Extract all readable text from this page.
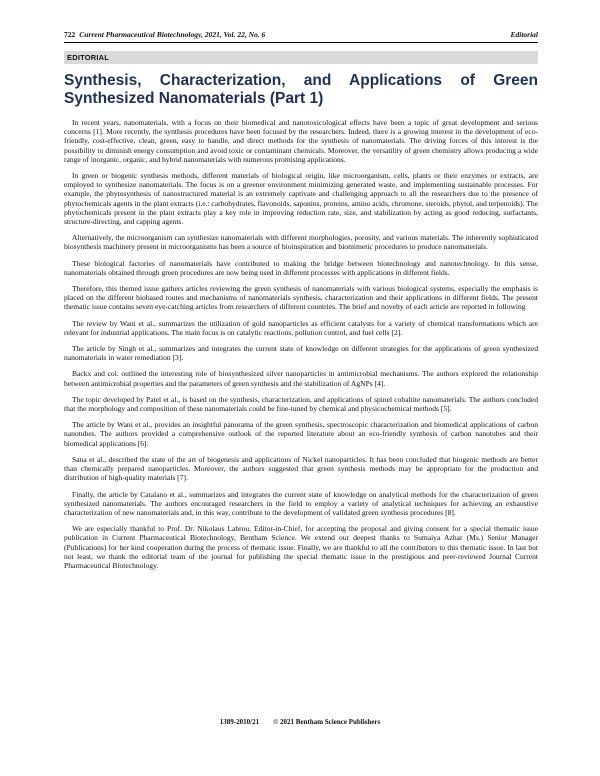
722 Current Pharmaceutical Biotechnology, 2021, Vol. 22, No. 6	Editorial
EDITORIAL
Synthesis, Characterization, and Applications of Green Synthesized Nanomaterials (Part 1)

In recent years, nanomaterials, with a focus on their biomedical and nanotoxicological effects have been a topic of great development and serious concerns [1]. More recently, the synthesis procedures have been focused by the researchers. Indeed, there is a growing interest in the development of eco-friendly, cost-effective, clean, green, easy to handle, and direct methods for the synthesis of nanomaterials. The driving forces of this interest is the possibility to diminish energy consumption and avoid toxic or contaminant chemicals. Moreover, the versatility of green chemistry allows producing a wide range of inorganic, organic, and hybrid nanomaterials with numerous promising applications.

In green or biogenic synthesis methods, different materials of biological origin, like microorganism, cells, plants or their enzymes or extracts, are employed to synthesize nanomaterials. The focus is on a greener environment minimizing generated waste, and implementing sustainable processes. For example, the phytosynthesis of nanostructured material is an extremely captivate and challenging approach to all the researchers due to the presence of phytochemicals agents in the plant extracts (i.e.: carbohydrates, flavonoids, saponins, proteins, amino acids, chromone, steroids, phytol, and terpenoids). The phytochemicals present in the plant extracts play a key role in improving reduction rate, size, and stabilization by acting as good reducing, surfactants, structure-directing, and capping agents.

Alternatively, the microorganism can synthesize nanomaterials with different morphologies, porosity, and various materials. The inherently sophisticated biosynthesis machinery present in microorganisms has been a source of bioinspiration and biomimetic procedures to produce nanomaterials.

These biological factories of nanomaterials have contributed to making the bridge between biotechnology and nanotechnology. In this sense, nanomaterials obtained through green procedures are now being used in different processes with applications in different fields.

Therefore, this themed issue gathers articles reviewing the green synthesis of nanomaterials with various biological systems, especially the emphasis is placed on the different biobased routes and mechanisms of nanomaterials synthesis, characterization and their applications in different fields. The present thematic issue contains seven eye-catching articles from researchers of different countries. The brief and novelty of each article are reported in following

The review by Wani et al., summarizes the utilization of gold nanoparticles as efficient catalysts for a variety of chemical transformations which are relevant for industrial applications. The main focus is on catalytic reactions, pollution control, and fuel cells [2].

The article by Singh et al., summarizes and integrates the current state of knowledge on different strategies for the applications of green synthesized nanomaterials in water remediation [3].

Backx and col. outlined the interesting role of biosynthesized silver nanoparticles in antimicrobial mechanisms. The authors explored the relationship between antimicrobial properties and the parameters of green synthesis and the stabilization of AgNPs [4].

The topic developed by Patel et al., is based on the synthesis, characterization, and applications of spinel cobaltite nanomaterials. The authors concluded that the morphology and composition of these nanomaterials could be fine-tuned by chemical and physicochemical methods [5].

The article by Wani et al., provides an insightful panorama of the green synthesis, spectroscopic characterization and biomedical applications of carbon nanotubes. The authors provided a comprehensive outlook of the reported literature about an eco-friendly synthesis of carbon nanotubes and their biomedical applications [6].

Sana et al., described the state of the art of biogenesis and applications of Nickel nanoparticles. It has been concluded that biogenic methods are better than chemically prepared nanoparticles. Moreover, the authors suggested that green synthesis methods may be appropriate for the production and distribution of high-quality materials [7].

Finally, the article by Catalano et al., summarizes and integrates the current state of knowledge on analytical methods for the characterization of green synthesized nanomaterials. The authors encouraged researchers in the field to employ a variety of analytical techniques for achieving an exhaustive characterization of new nanomaterials and, in this way, contribute to the development of validated green synthesis procedures [8].

We are especially thankful to Prof. Dr. Nikolaus Labrou, Editor-in-Chief, for accepting the proposal and giving consent for a special thematic issue publication in Current Pharmaceutical Biotechnology, Bentham Science. We extend our deepest thanks to Sumaiya Azhar (Ms.) Senior Manager (Publications) for her kind cooperation during the process of thematic issue. Finally, we are thankful to all the contributors to this thematic issue. In last but not least, we thank the editorial team of the journal for publishing the special thematic issue in the prestigious and peer-reviewed Journal Current Pharmaceutical Biotechnology.

1389-2010/21 © 2021 Bentham Science Publishers
